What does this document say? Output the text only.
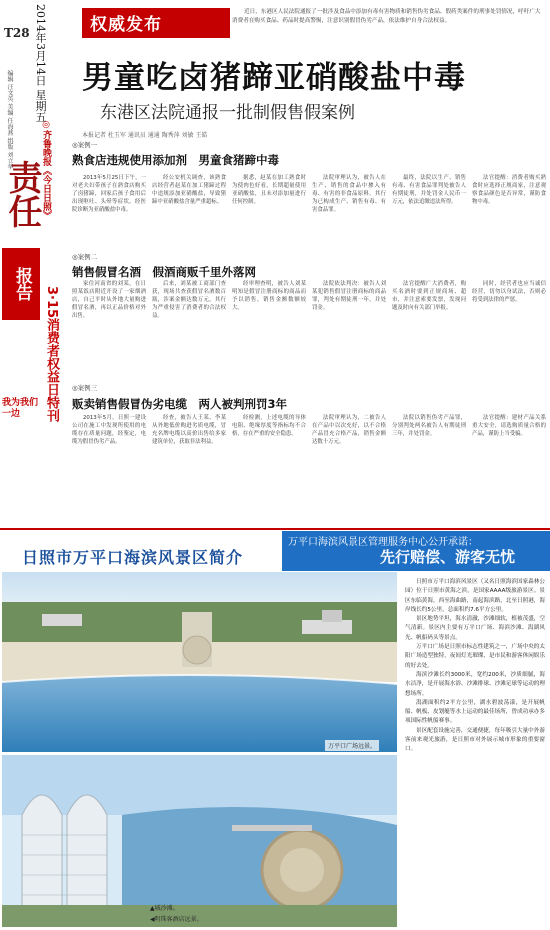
T28 2014年3月14日 星期五
编辑 汪文英 美编 任海燕 组版 刘立华
◎齐鲁晚报《今日日照》
责任
报告
3·15消费者权益日特刊
我为我们一边
权威发布
近日，东港区人民法院通报了一批涉及食品中添加有毒有害物质和销售伪劣食品、假药类案件的刑事处罚情况，呼吁广大消费者在购买食品、药品时提高警惕，注意识别假冒伪劣产品，依法维护自身合法权益。
男童吃卤猪蹄亚硝酸盐中毒
东港区法院通报一批制假售假案例
本报记者 杜玉军 通讯员 通通 陶秀萍 刘敏 王皓
◎案例一
熟食店违规使用添加剂　男童食猪蹄中毒
2013年5月25日下午，一对老夫妇带孩子在熟食店购买了卤猪蹄，回家后孩子食用后出现呕吐、头晕等症状，经医院诊断为亚硝酸盐中毒。
经公安机关调查，该熟食店经营者赵某在加工猪蹄过程中违规添加亚硝酸盐，导致猪蹄中亚硝酸盐含量严重超标。
据悉，赵某在加工熟食时为使肉色好看，长期超量使用亚硝酸盐，且未对添加量进行任何控制。
法院审理认为，被告人在生产、销售的食品中掺入有毒、有害的非食品原料，其行为已构成生产、销售有毒、有害食品罪。
最终，法院以生产、销售有毒、有害食品罪判处被告人有期徒刑，并处罚金人民币一万元，依法追缴违法所得。
法官提醒：消费者购买熟食时应选择正规商家，注意观察食品颜色是否异常，谨防食物中毒。
◎案例二
销售假冒名酒　假酒商贩千里外落网
家住河南省的刘某，在日照某饭店附近开设了一家烟酒店，自己平时从外地大量购进假冒名酒，再以正品价格对外出售。
后来，刘某被工商部门查获，现场共查获假冒名酒数百瓶，涉案金额达数万元，其行为严重侵害了消费者的合法权益。
经审理查明，被告人刘某明知是假冒注册商标的商品而予以销售，销售金额数额较大。
法院依法判决：被告人刘某犯销售假冒注册商标的商品罪，判处有期徒刑一年，并处罚金。
法官提醒广大消费者，购买名酒时要到正规商场、超市，并注意索要发票，发现问题及时向有关部门举报。
同时，经营者也应当诚信经营，切勿以身试法，否则必将受到法律的严惩。
◎案例三
贩卖销售假冒伪劣电缆　两人被判刑罚3年
2013年5月，日照一建设公司在施工中发现所使用的电缆存在质量问题，经鉴定，电缆为假冒伪劣产品。
经查，被告人王某、李某从外地低价购进劣质电缆，冒充名牌电缆以高价出售给多家建筑单位，获取非法利益。
经检测，上述电缆的导体电阻、绝缘厚度等指标均不合格，存在严重的安全隐患。
法院审理认为，二被告人在产品中以次充好，以不合格产品冒充合格产品，销售金额达数十万元。
法院以销售伪劣产品罪，分别判处两名被告人有期徒刑三年，并处罚金。
法官提醒：建材产品关系重大安全，请选购质量合格的产品，谨防上当受骗。
日照市万平口海滨风景区简介
万平口海滨风景区管理服务中心公开承诺：
先行赔偿、游客无忧
万平口广场远景。
▲城沙滩。
◀明珠客酒店远景。

日照市万平口海滨风景区（又名日照海滨国家森林公园）位于日照市黄海之滨，是国家AAAA级旅游景区。景区东临黄海，西至海曲路，南起海滨路，北至日照港，海岸线长约5公里，总面积约7.6平方公里。

景区地势平坦，海水清澈，沙滩细软，植被茂盛，空气清新。景区内主要有万平口广场、海滨沙滩、潟湖风光、帆船码头等景点。

万平口广场是日照市标志性建筑之一，广场中央的太阳广场造型独特，夜间灯光璀璨，是市民和游客休闲娱乐的好去处。

海滨沙滩长约3000米，宽约200米，沙质细腻，海水洁净，是开展海水浴、沙滩排球、沙滩足球等运动的理想场所。

潟湖面积约2平方公里，湖水碧波荡漾，是开展帆船、帆板、皮划艇等水上运动的最佳场所，曾成功承办多项国际性帆船赛事。

景区配套设施完善，交通便捷，每年吸引大量中外游客前来观光旅游，是日照市对外展示城市形象的重要窗口。
